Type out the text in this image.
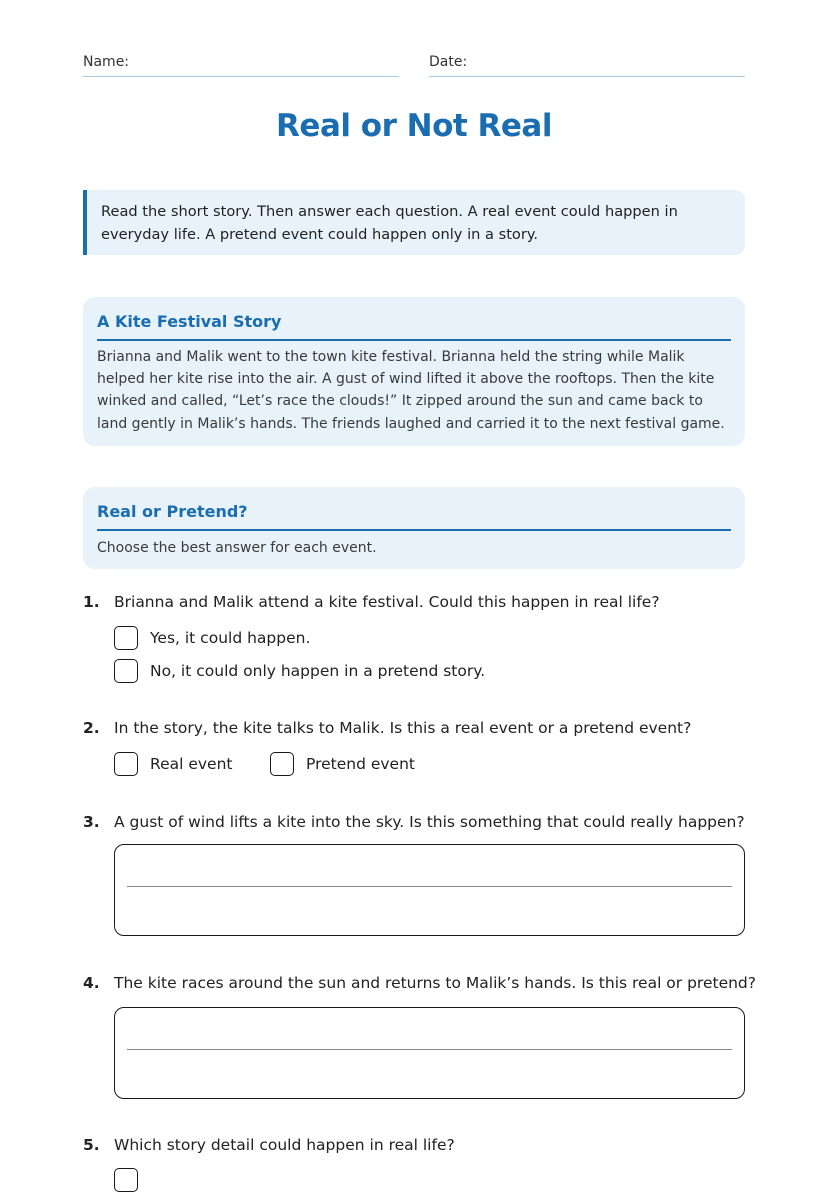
Name:	Date:
Real or Not Real

Read the short story. Then answer each question. A real event could happen in everyday life. A pretend event could happen only in a story.

A Kite Festival Story

Brianna and Malik went to the town kite festival. Brianna held the string while Malik helped her kite rise into the air. A gust of wind lifted it above the rooftops. Then the kite winked and called, “Let’s race the clouds!” It zipped around the sun and came back to land gently in Malik’s hands. The friends laughed and carried it to the next festival game.

Real or Pretend?

Choose the best answer for each event.

1. Brianna and Malik attend a kite festival. Could this happen in real life?
Yes, it could happen.
No, it could only happen in a pretend story.
2. In the story, the kite talks to Malik. Is this a real event or a pretend event?
Real event	Pretend event
3. A gust of wind lifts a kite into the sky. Is this something that could really happen?
4. The kite races around the sun and returns to Malik’s hands. Is this real or pretend?
5. Which story detail could happen in real life?
